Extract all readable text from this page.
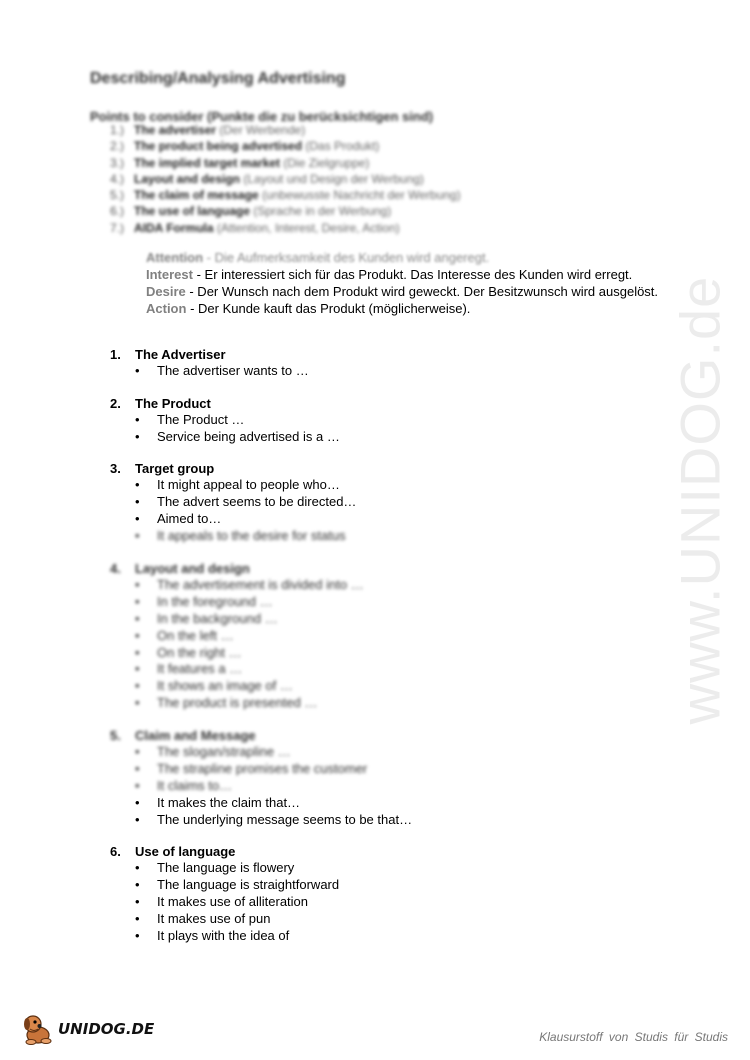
www.UNIDOG.de
Describing/Analysing Advertising
Points to consider (Punkte die zu berücksichtigen sind)
1.) The advertiser (Der Werbende)
2.) The product being advertised (Das Produkt)
3.) The implied target market (Die Zielgruppe)
4.) Layout and design (Layout und Design der Werbung)
5.) The claim of message (unbewusste Nachricht der Werbung)
6.) The use of language (Sprache in der Werbung)
7.) AIDA Formula (Attention, Interest, Desire, Action)
Attention - Die Aufmerksamkeit des Kunden wird angeregt.
Interest - Er interessiert sich für das Produkt. Das Interesse des Kunden wird erregt.
Desire - Der Wunsch nach dem Produkt wird geweckt. Der Besitzwunsch wird ausgelöst.
Action - Der Kunde kauft das Produkt (möglicherweise).
1. The Advertiser
• The advertiser wants to …
2. The Product
• The Product …
• Service being advertised is a …
3. Target group
• It might appeal to people who…
• The advert seems to be directed…
• Aimed to…
• It appeals to the desire for status
4. Layout and design
• The advertisement is divided into …
• In the foreground …
• In the background …
• On the left …
• On the right …
• It features a …
• It shows an image of …
• The product is presented …
5. Claim and Message
• The slogan/strapline …
• The strapline promises the customer
• It claims to…
• It makes the claim that…
• The underlying message seems to be that…
6. Use of language
• The language is flowery
• The language is straightforward
• It makes use of alliteration
• It makes use of pun
• It plays with the idea of
UNIDOG.DE	Klausurstoff von Studis für Studis
